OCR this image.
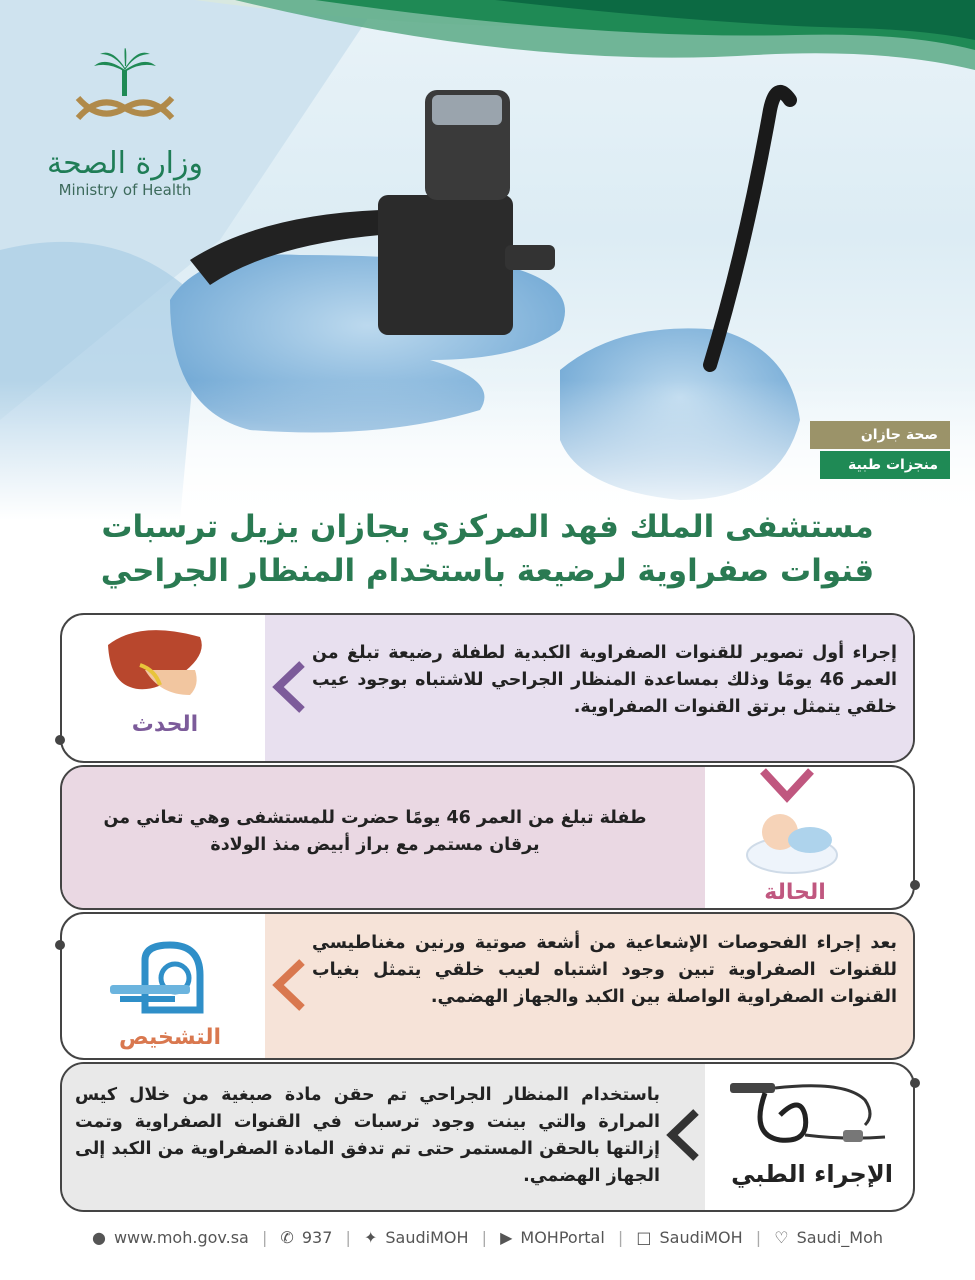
وزارة الصحة
Ministry of Health
صحة جازان
منجزات طبية
مستشفى الملك فهد المركزي بجازان يزيل ترسبات
قنوات صفراوية لرضيعة باستخدام المنظار الجراحي
إجراء أول تصوير للقنوات الصفراوية الكبدية لطفلة رضيعة تبلغ من العمر 46 يومًا وذلك بمساعدة المنظار الجراحي للاشتباه بوجود عيب خلقي يتمثل برتق القنوات الصفراوية.
الحدث
طفلة تبلغ من العمر 46 يومًا حضرت للمستشفى وهي تعاني من يرقان مستمر مع براز أبيض منذ الولادة
الحالة
بعد إجراء الفحوصات الإشعاعية من أشعة صوتية ورنين مغناطيسي للقنوات الصفراوية تبين وجود اشتباه لعيب خلقي يتمثل بغياب القنوات الصفراوية الواصلة بين الكبد والجهاز الهضمي.
التشخيص
باستخدام المنظار الجراحي تم حقن مادة صبغية من خلال كيس المرارة والتي بينت وجود ترسبات في القنوات الصفراوية وتمت إزالتها بالحقن المستمر حتى تم تدفق المادة الصفراوية من الكبد إلى الجهاز الهضمي.	الإجراء الطبي
● www.moh.gov.sa | ✆ 937 | ✦ SaudiMOH | ▶ MOHPortal | □ SaudiMOH | ♡ Saudi_Moh
